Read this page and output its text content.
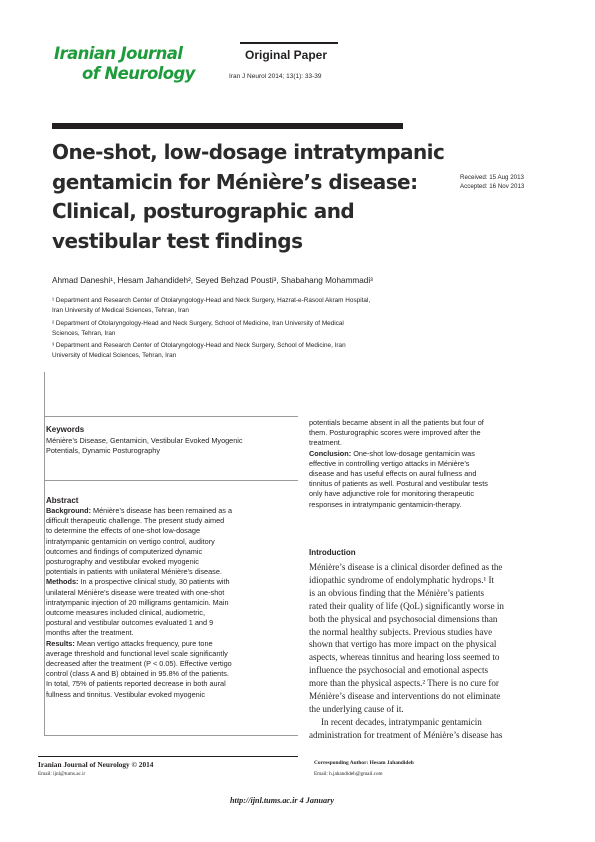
Iranian Journal
of Neurology
Original Paper
Iran J Neurol 2014; 13(1): 33-39
One-shot, low-dosage intratympanic
gentamicin for Ménière’s disease:
Clinical, posturographic and
vestibular test findings
Received: 15 Aug 2013
Accepted: 16 Nov 2013
Ahmad Daneshi¹, Hesam Jahandideh², Seyed Behzad Pousti³, Shabahang Mohammadi³
¹ Department and Research Center of Otolaryngology-Head and Neck Surgery, Hazrat-e-Rasool Akram Hospital,
Iran University of Medical Sciences, Tehran, Iran
² Department of Otolaryngology-Head and Neck Surgery, School of Medicine, Iran University of Medical
Sciences, Tehran, Iran
³ Department and Research Center of Otolaryngology-Head and Neck Surgery, School of Medicine, Iran
University of Medical Sciences, Tehran, Iran
Keywords
Ménière’s Disease, Gentamicin, Vestibular Evoked Myogenic
Potentials, Dynamic Posturography
Abstract
Background: Ménière’s disease has been remained as a
difficult therapeutic challenge. The present study aimed
to determine the effects of one-shot low-dosage
intratympanic gentamicin on vertigo control, auditory
outcomes and findings of computerized dynamic
posturography and vestibular evoked myogenic
potentials in patients with unilateral Ménière’s disease.
Methods: In a prospective clinical study, 30 patients with
unilateral Ménière’s disease were treated with one-shot
intratympanic injection of 20 milligrams gentamicin. Main
outcome measures included clinical, audiometric,
postural and vestibular outcomes evaluated 1 and 9
months after the treatment.
Results: Mean vertigo attacks frequency, pure tone
average threshold and functional level scale significantly
decreased after the treatment (P < 0.05). Effective vertigo
control (class A and B) obtained in 95.8% of the patients.
In total, 75% of patients reported decrease in both aural
fullness and tinnitus. Vestibular evoked myogenic
potentials became absent in all the patients but four of
them. Posturographic scores were improved after the
treatment.
Conclusion: One-shot low-dosage gentamicin was
effective in controlling vertigo attacks in Ménière’s
disease and has useful effects on aural fullness and
tinnitus of patients as well. Postural and vestibular tests
only have adjunctive role for monitoring therapeutic
responses in intratympanic gentamicin-therapy.
Introduction
Ménière’s disease is a clinical disorder defined as the
idiopathic syndrome of endolymphatic hydrops.¹ It
is an obvious finding that the Ménière’s patients
rated their quality of life (QoL) significantly worse in
both the physical and psychosocial dimensions than
the normal healthy subjects. Previous studies have
shown that vertigo has more impact on the physical
aspects, whereas tinnitus and hearing loss seemed to
influence the psychosocial and emotional aspects
more than the physical aspects.² There is no cure for
Ménière’s disease and interventions do not eliminate
the underlying cause of it.
In recent decades, intratympanic gentamicin
administration for treatment of Ménière’s disease has
Iranian Journal of Neurology © 2014
Email: ijnl@tums.ac.ir
Corresponding Author: Hesam Jahandideh
Email: h.jahandideh@gmail.com
http://ijnl.tums.ac.ir 4 January
